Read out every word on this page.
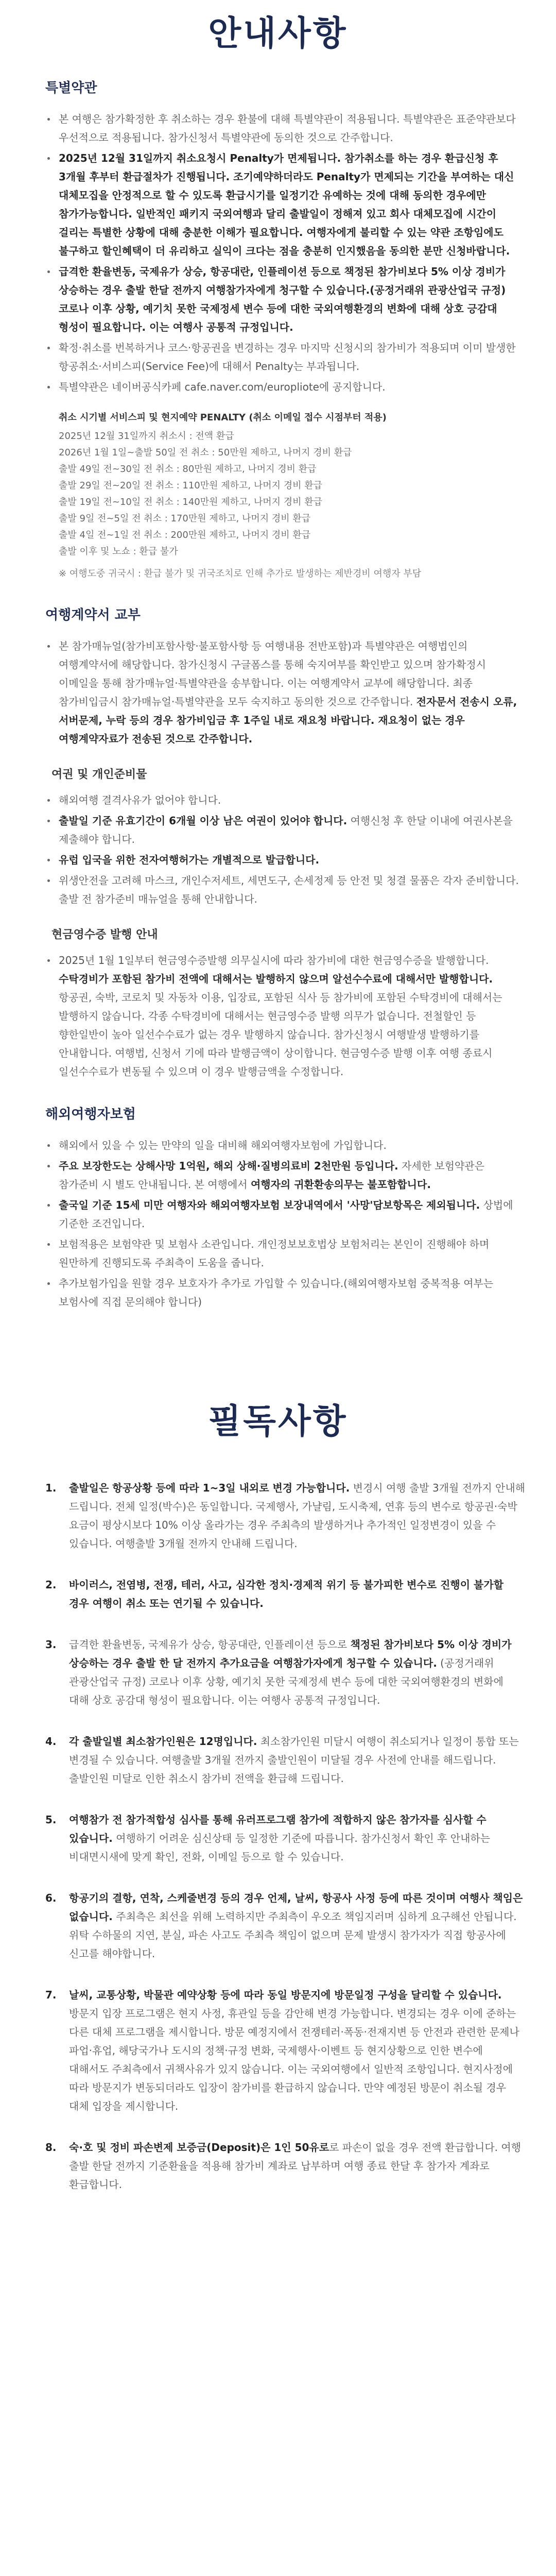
안내사항
특별약관
본 여행은 참가확정한 후 취소하는 경우 환불에 대해 특별약관이 적용됩니다. 특별약관은 표준약관보다 우선적으로 적용됩니다. 참가신청서 특별약관에 동의한 것으로 간주합니다.
2025년 12월 31일까지 취소요청시 Penalty가 면제됩니다. 참가취소를 하는 경우 환급신청 후 3개월 후부터 환급절차가 진행됩니다. 조기예약하더라도 Penalty가 면제되는 기간을 부여하는 대신 대체모집을 안정적으로 할 수 있도록 환급시기를 일정기간 유예하는 것에 대해 동의한 경우에만 참가가능합니다. 일반적인 패키지 국외여행과 달리 출발일이 정해져 있고 회사 대체모집에 시간이 걸리는 특별한 상황에 대해 충분한 이해가 필요합니다. 여행자에게 불리할 수 있는 약관 조항임에도 불구하고 할인혜택이 더 유리하고 실익이 크다는 점을 충분히 인지했음을 동의한 분만 신청바랍니다.
급격한 환율변동, 국제유가 상승, 항공대란, 인플레이션 등으로 책정된 참가비보다 5% 이상 경비가 상승하는 경우 출발 한달 전까지 여행참가자에게 청구할 수 있습니다.(공정거래위 관광산업국 규정) 코로나 이후 상황, 예기치 못한 국제정세 변수 등에 대한 국외여행환경의 변화에 대해 상호 긍감대 형성이 필요합니다. 이는 여행사 공통적 규정입니다.
확정·취소를 번복하거나 코스·항공권을 변경하는 경우 마지막 신청시의 참가비가 적용되며 이미 발생한 항공취소·서비스피(Service Fee)에 대해서 Penalty는 부과됩니다.
특별약관은 네이버공식카페 cafe.naver.com/europliote에 공지합니다.
취소 시기별 서비스피 및 현지예약 PENALTY (취소 이메일 접수 시점부터 적용)
2025년 12월 31일까지 취소시 : 전액 환급
2026년 1월 1일~출발 50일 전 취소 : 50만원 제하고, 나머지 경비 환급
출발 49일 전~30일 전 취소 : 80만원 제하고, 나머지 경비 환급
출발 29일 전~20일 전 취소 : 110만원 제하고, 나머지 경비 환급
출발 19일 전~10일 전 취소 : 140만원 제하고, 나머지 경비 환급
출발 9일 전~5일 전 취소 : 170만원 제하고, 나머지 경비 환급
출발 4일 전~1일 전 취소 : 200만원 제하고, 나머지 경비 환급
출발 이후 및 노쇼 : 환급 불가
※ 여행도중 귀국시 : 환급 불가 및 귀국조치로 인해 추가로 발생하는 제반경비 여행자 부담
여행계약서 교부
본 참가매뉴얼(참가비포함사항·불포함사항 등 여행내용 전반포함)과 특별약관은 여행법인의 여행계약서에 해당합니다. 참가신청시 구글폼스를 통해 숙지여부를 확인받고 있으며 참가확정시 이메일을 통해 참가매뉴얼·특별약관을 송부합니다. 이는 여행계약서 교부에 해당합니다. 최종 참가비입금시 참가매뉴얼·특별약관을 모두 숙지하고 동의한 것으로 간주합니다. 전자문서 전송시 오류, 서버문제, 누락 등의 경우 참가비입금 후 1주일 내로 재요청 바랍니다. 재요청이 없는 경우 여행계약자료가 전송된 것으로 간주합니다.
여권 및 개인준비물
해외여행 결격사유가 없어야 합니다.
출발일 기준 유효기간이 6개월 이상 남은 여권이 있어야 합니다. 여행신청 후 한달 이내에 여권사본을 제출해야 합니다.
유럽 입국을 위한 전자여행허가는 개별적으로 발급합니다.
위생안전을 고려해 마스크, 개인수저세트, 세면도구, 손세정제 등 안전 및 청결 물품은 각자 준비합니다. 출발 전 참가준비 매뉴얼을 통해 안내합니다.
현금영수증 발행 안내
2025년 1월 1일부터 현금영수증발행 의무실시에 따라 참가비에 대한 현금영수증을 발행합니다. 수탁경비가 포함된 참가비 전액에 대해서는 발행하지 않으며 알선수수료에 대해서만 발행합니다. 항공권, 숙박, 코로치 및 자동차 이용, 입장료, 포함된 식사 등 참가비에 포함된 수탁경비에 대해서는 발행하지 않습니다. 각종 수탁경비에 대해서는 현금영수증 발행 의무가 없습니다. 전철할인 등 향한일반이 높아 일선수수료가 없는 경우 발행하지 않습니다. 참가신청시 여행발생 발행하기를 안내합니다. 여행법, 신청서 기에 따라 발행금액이 상이합니다. 현금영수증 발행 이후 여행 종료시 일선수수료가 변동될 수 있으며 이 경우 발행금액을 수정합니다.
해외여행자보험
해외에서 있을 수 있는 만약의 일을 대비해 해외여행자보험에 가입합니다.
주요 보장한도는 상해사망 1억원, 해외 상해·질병의료비 2천만원 등입니다. 자세한 보험약관은 참가준비 시 별도 안내됩니다. 본 여행에서 여행자의 귀환환송의무는 불포함합니다.
출국일 기준 15세 미만 여행자와 해외여행자보험 보장내역에서 '사망'담보항목은 제외됩니다. 상법에 기준한 조건입니다.
보험적용은 보험약관 및 보험사 소관입니다. 개인정보보호법상 보험처리는 본인이 진행해야 하며 원만하게 진행되도록 주최측이 도움을 줍니다.
추가보험가입을 원할 경우 보호자가 추가로 가입할 수 있습니다.(해외여행자보험 중복적용 여부는 보험사에 직접 문의해야 합니다)
필독사항
1. 출발일은 항공상황 등에 따라 1~3일 내외로 변경 가능합니다. 변경시 여행 출발 3개월 전까지 안내해 드립니다. 전체 일정(박수)은 동일합니다. 국제행사, 가냘림, 도시축제, 연휴 등의 변수로 항공권·숙박 요금이 평상시보다 10% 이상 올라가는 경우 주최측의 발생하거나 추가적인 일정변경이 있을 수 있습니다. 여행출발 3개월 전까지 안내해 드립니다.
2. 바이러스, 전염병, 전쟁, 테러, 사고, 심각한 정치·경제적 위기 등 불가피한 변수로 진행이 불가할 경우 여행이 취소 또는 연기될 수 있습니다.
3. 급격한 환율변동, 국제유가 상승, 항공대란, 인플레이션 등으로 책정된 참가비보다 5% 이상 경비가 상승하는 경우 출발 한 달 전까지 추가요금을 여행참가자에게 청구할 수 있습니다. (공정거래위 관광산업국 규정) 코로나 이후 상황, 예기치 못한 국제정세 변수 등에 대한 국외여행환경의 변화에 대해 상호 공감대 형성이 필요합니다. 이는 여행사 공통적 규정입니다.
4. 각 출발일별 최소참가인원은 12명입니다. 최소참가인원 미달시 여행이 취소되거나 일정이 통합 또는 변경될 수 있습니다. 여행출발 3개월 전까지 출발인원이 미달될 경우 사전에 안내를 해드립니다. 출발인원 미달로 인한 취소시 참가비 전액을 환급해 드립니다.
5. 여행참가 전 참가적합성 심사를 통해 유러프로그램 참가에 적합하지 않은 참가자를 심사할 수 있습니다. 여행하기 어려운 심신상태 등 일정한 기준에 따릅니다. 참가신청서 확인 후 안내하는 비대면시새에 맞게 확인, 전화, 이메일 등으로 할 수 있습니다.
6. 항공기의 결항, 연착, 스케줄변경 등의 경우 언제, 날씨, 항공사 사정 등에 따른 것이며 여행사 책임은 없습니다. 주최측은 최선을 위해 노력하지만 주최측이 우오조 책임지러며 심하게 요구해선 안됩니다. 위탁 수하물의 지연, 분실, 파손 사고도 주최측 책임이 없으며 문제 발생시 참가자가 직접 항공사에 신고를 해야합니다.
7. 날씨, 교통상황, 박물관 예약상황 등에 따라 동일 방문지에 방문일정 구성을 달리할 수 있습니다. 방문지 입장 프로그램은 현지 사정, 휴관일 등을 감안해 변경 가능합니다. 변경되는 경우 이에 준하는 다른 대체 프로그램을 제시합니다. 방문 예정지에서 전쟁테러·폭동·전재지변 등 안전과 관련한 문제나 파업·휴업, 해당국가나 도시의 정책·규정 변화, 국제행사·이벤트 등 현지상황으로 인한 변수에 대해서도 주최측에서 귀책사유가 있지 않습니다. 이는 국외여행에서 일반적 조항입니다. 현지사정에 따라 방문지가 변동되더라도 입장이 참가비를 환급하지 않습니다. 만약 예정된 방문이 취소될 경우 대체 입장을 제시합니다.
8. 숙·호 및 정비 파손변제 보증금(Deposit)은 1인 50유로로 파손이 없을 경우 전액 환급합니다. 여행 출발 한달 전까지 기준환율을 적용해 참가비 계좌로 납부하며 여행 종료 한달 후 참가자 계좌로 환급합니다.
